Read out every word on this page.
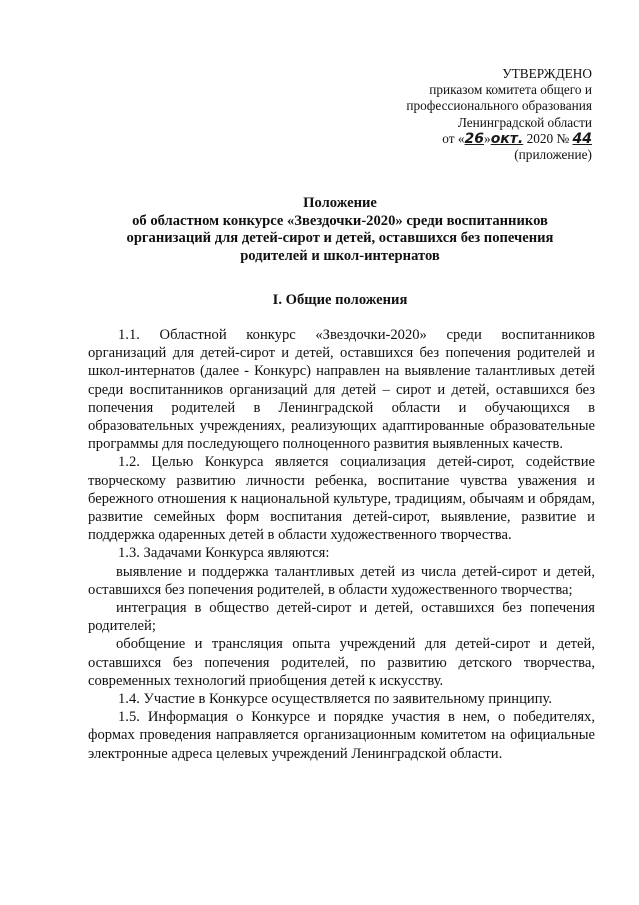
УТВЕРЖДЕНО
приказом комитета общего и
профессионального образования
Ленинградской области
от «26»окт. 2020 № 44
(приложение)
Положение
об областном конкурсе «Звездочки-2020» среди воспитанников
организаций для детей-сирот и детей, оставшихся без попечения
родителей и школ-интернатов
I. Общие положения

1.1. Областной конкурс «Звездочки-2020» среди воспитанников организаций для детей-сирот и детей, оставшихся без попечения родителей и школ-интернатов (далее - Конкурс) направлен на выявление талантливых детей среди воспитанников организаций для детей – сирот и детей, оставшихся без попечения родителей в Ленинградской области и обучающихся в образовательных учреждениях, реализующих адаптированные образовательные программы для последующего полноценного развития выявленных качеств.

1.2. Целью Конкурса является социализация детей-сирот, содействие творческому развитию личности ребенка, воспитание чувства уважения и бережного отношения к национальной культуре, традициям, обычаям и обрядам, развитие семейных форм воспитания детей-сирот, выявление, развитие и поддержка одаренных детей в области художественного творчества.

1.3. Задачами Конкурса являются:

выявление и поддержка талантливых детей из числа детей-сирот и детей, оставшихся без попечения родителей, в области художественного творчества;

интеграция в общество детей-сирот и детей, оставшихся без попечения родителей;

обобщение и трансляция опыта учреждений для детей-сирот и детей, оставшихся без попечения родителей, по развитию детского творчества, современных технологий приобщения детей к искусству.

1.4. Участие в Конкурсе осуществляется по заявительному принципу.

1.5. Информация о Конкурсе и порядке участия в нем, о победителях, формах проведения направляется организационным комитетом на официальные электронные адреса целевых учреждений Ленинградской области.
